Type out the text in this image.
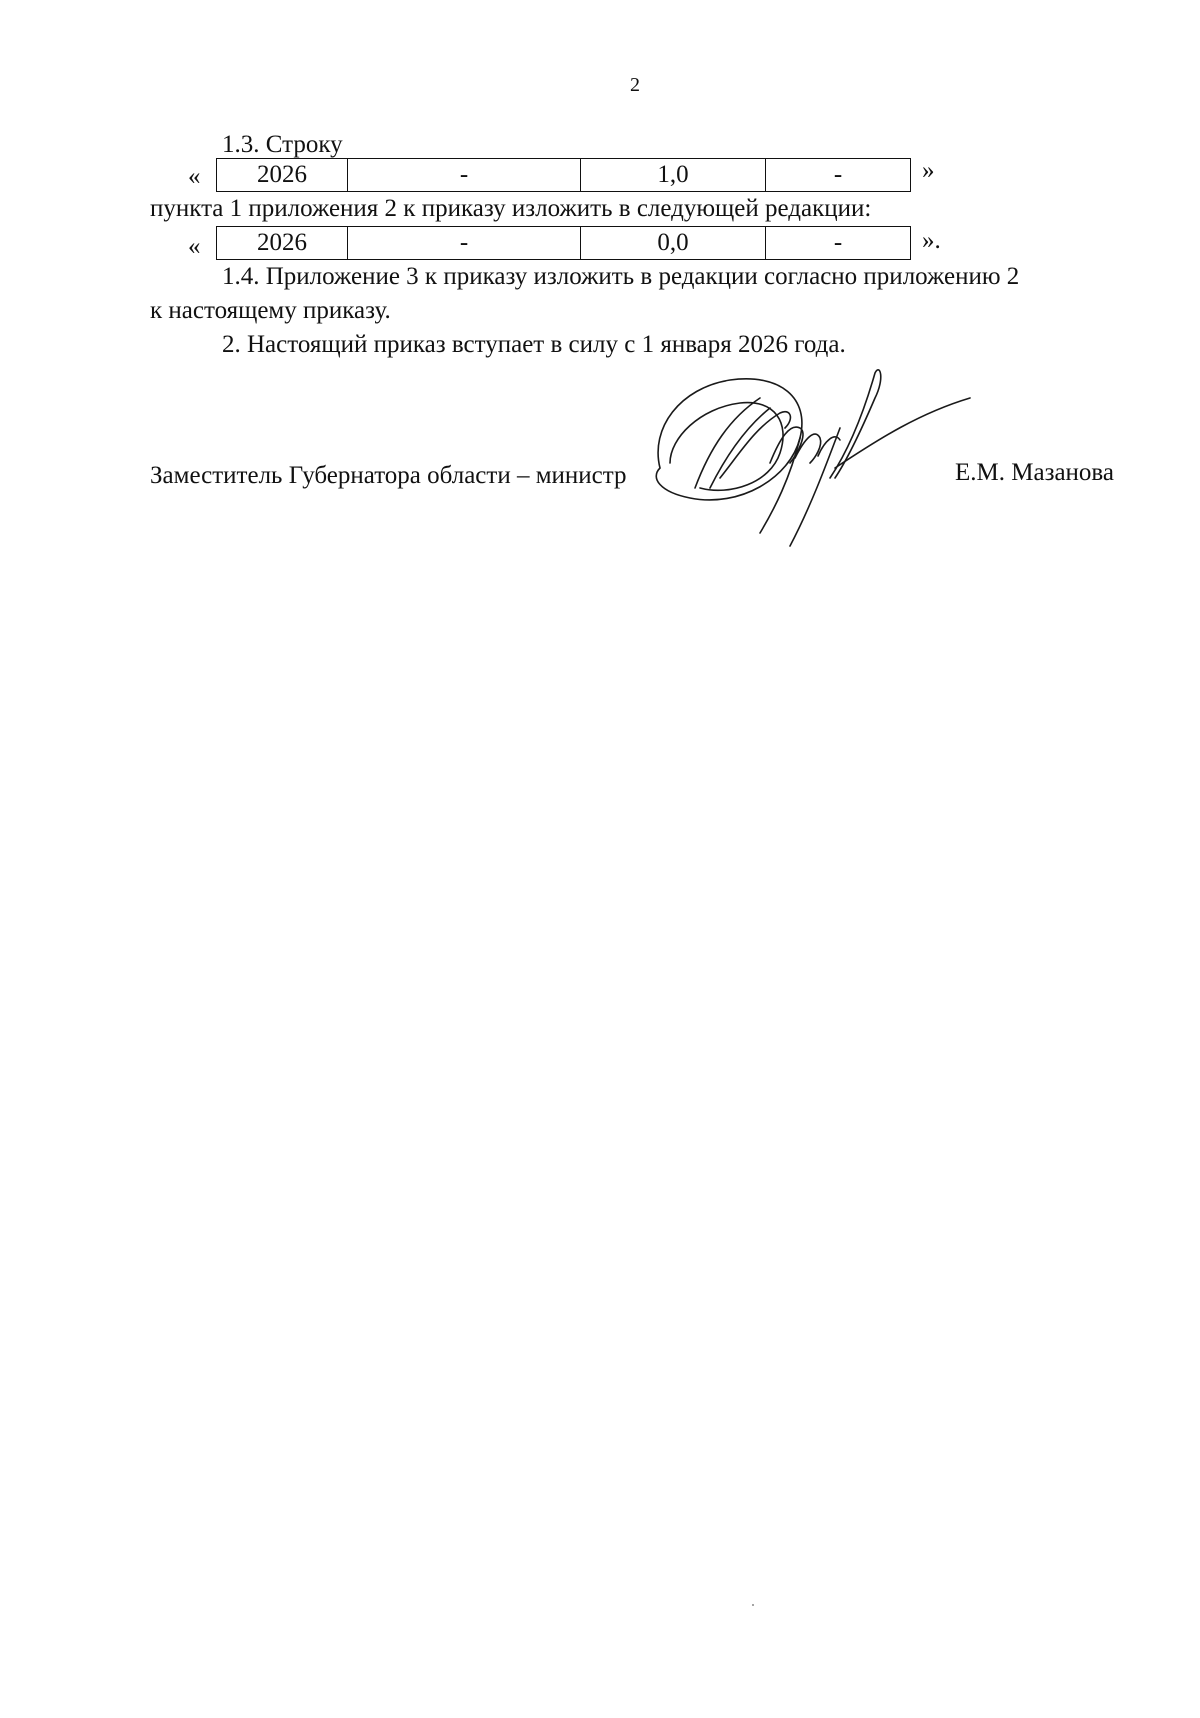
2
1.3. Строку
« 2026	-	1,0	-	»
пункта 1 приложения 2 к приказу изложить в следующей редакции:
« 2026	-	0,0	-	».
1.4. Приложение 3 к приказу изложить в редакции согласно приложению 2
к настоящему приказу.
2. Настоящий приказ вступает в силу с 1 января 2026 года.
Заместитель Губернатора области – министр	Е.М. Мазанова
